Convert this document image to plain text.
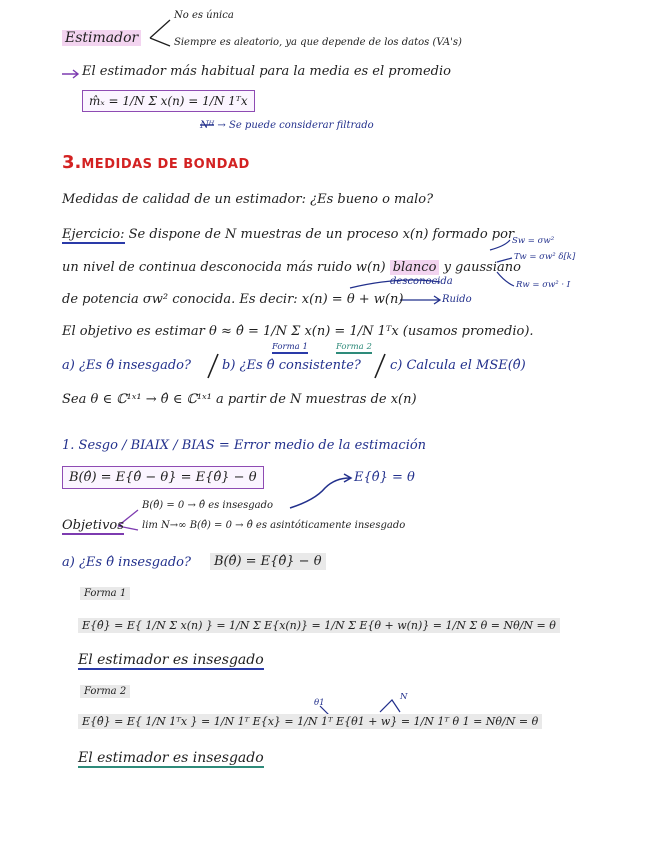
Estimador
No es única
Siempre es aleatorio, ya que depende de los datos (VA's)
El estimador más habitual para la media es el promedio
m̂ₓ = 1/N Σ x(n) = 1/N 1ᵀx
Nᴴ → Se puede considerar filtrado
3.MEDIDAS DE BONDAD
Medidas de calidad de un estimador: ¿Es bueno o malo?
Ejercicio: Se dispone de N muestras de un proceso x(n) formado por
un nivel de continua desconocida más ruido w(n) blanco y gaussiano
de potencia σw² conocida. Es decir: x(n) = θ + w(n)	Ruido
desconocida
Sw = σw²
Tw = σw² δ[k]
Rw = σw² · I
El objetivo es estimar θ ≈ θ̂ = 1/N Σ x(n) = 1/N 1ᵀx (usamos promedio).
Forma 1	Forma 2
a) ¿Es θ̂ insesgado? b) ¿Es θ̂ consistente? c) Calcula el MSE(θ̂)
Sea θ ∈ ℂ¹ˣ¹ → θ̂ ∈ ℂ¹ˣ¹ a partir de N muestras de x(n)
1. Sesgo / BIAIX / BIAS = Error medio de la estimación
B(θ̂) = E{θ̂ − θ} = E{θ̂} − θ	E{θ̂} = θ
Objetivos
B(θ̂) = 0 → θ̂ es insesgado
lim N→∞ B(θ̂) = 0 → θ̂ es asintóticamente insesgado
a) ¿Es θ̂ insesgado?	B(θ̂) = E{θ̂} − θ
Forma 1
E{θ̂} = E{ 1/N Σ x(n) } = 1/N Σ E{x(n)} = 1/N Σ E{θ + w(n)} = 1/N Σ θ = Nθ/N = θ
El estimador es insesgado
Forma 2
θ1
N
E{θ̂} = E{ 1/N 1ᵀx } = 1/N 1ᵀ E{x} = 1/N 1ᵀ E{θ1 + w} = 1/N 1ᵀ θ 1 = Nθ/N = θ
El estimador es insesgado
